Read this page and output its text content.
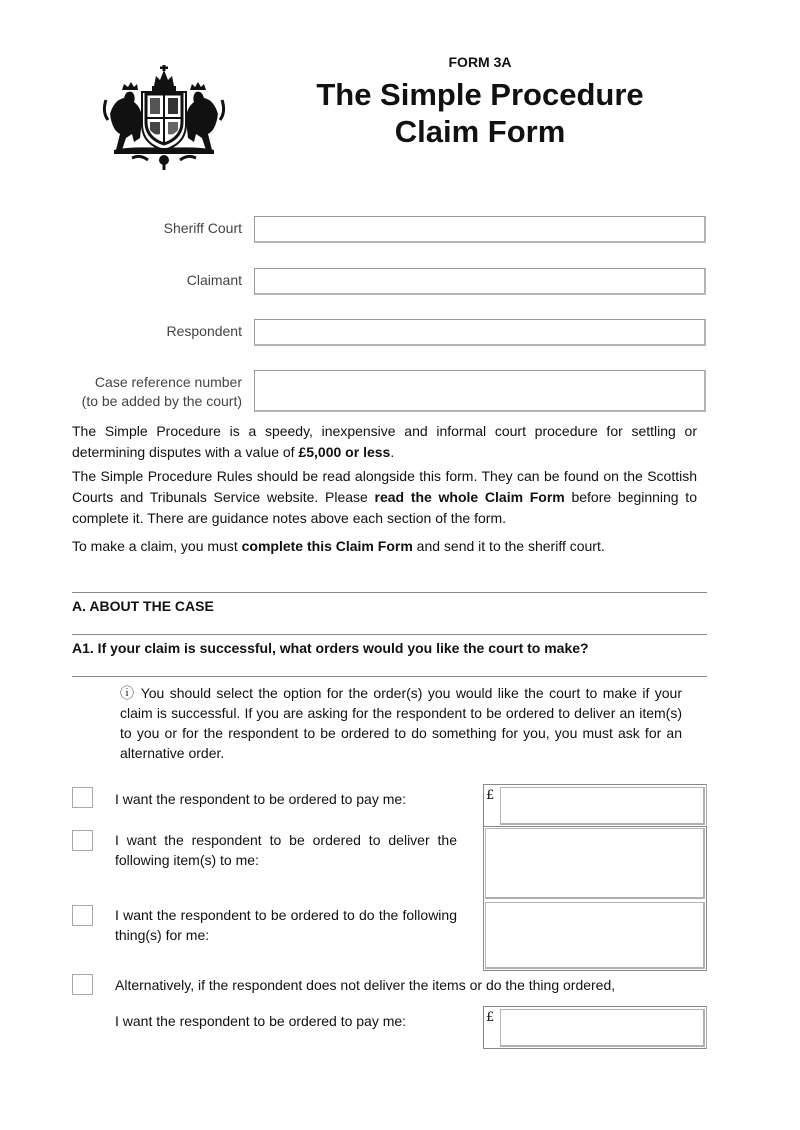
FORM 3A
The Simple Procedure
Claim Form
Sheriff Court
Claimant
Respondent
Case reference number
(to be added by the court)
The Simple Procedure is a speedy, inexpensive and informal court procedure for settling or determining disputes with a value of £5,000 or less.
The Simple Procedure Rules should be read alongside this form. They can be found on the Scottish Courts and Tribunals Service website. Please read the whole Claim Form before beginning to complete it. There are guidance notes above each section of the form.
To make a claim, you must complete this Claim Form and send it to the sheriff court.
A. ABOUT THE CASE
A1. If your claim is successful, what orders would you like the court to make?
ⓘ You should select the option for the order(s) you would like the court to make if your claim is successful. If you are asking for the respondent to be ordered to deliver an item(s) to you or for the respondent to be ordered to do something for you, you must ask for an alternative order.
I want the respondent to be ordered to pay me:	£
I want the respondent to be ordered to deliver the following item(s) to me:
I want the respondent to be ordered to do the following thing(s) for me:
Alternatively, if the respondent does not deliver the items or do the thing ordered,
I want the respondent to be ordered to pay me:	£
